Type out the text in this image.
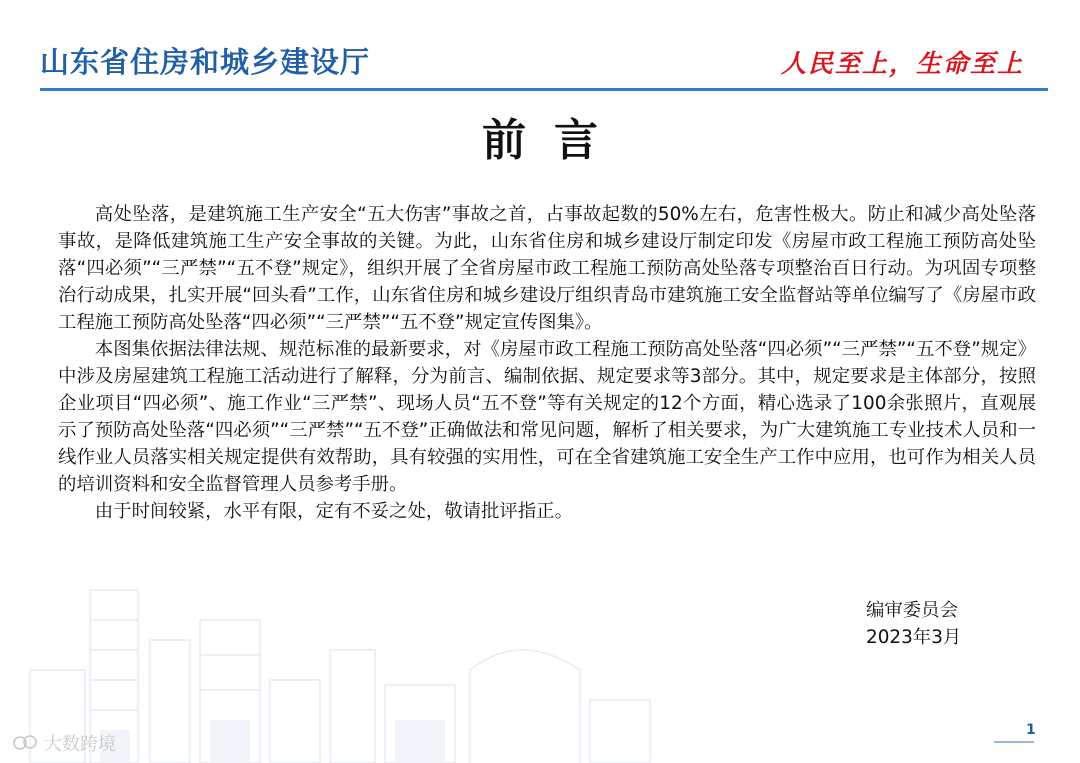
山东省住房和城乡建设厅	人民至上，生命至上
前言

高处坠落，是建筑施工生产安全“五大伤害”事故之首，占事故起数的50%左右，危害性极大。防止和减少高处坠落事故，是降低建筑施工生产安全事故的关键。为此，山东省住房和城乡建设厅制定印发《房屋市政工程施工预防高处坠落“四必须”“三严禁”“五不登”规定》，组织开展了全省房屋市政工程施工预防高处坠落专项整治百日行动。为巩固专项整治行动成果，扎实开展“回头看”工作，山东省住房和城乡建设厅组织青岛市建筑施工安全监督站等单位编写了《房屋市政工程施工预防高处坠落“四必须”“三严禁”“五不登”规定宣传图集》。

本图集依据法律法规、规范标准的最新要求，对《房屋市政工程施工预防高处坠落“四必须”“三严禁”“五不登”规定》中涉及房屋建筑工程施工活动进行了解释，分为前言、编制依据、规定要求等3部分。其中，规定要求是主体部分，按照企业项目“四必须”、施工作业“三严禁”、现场人员“五不登”等有关规定的12个方面，精心选录了100余张照片，直观展示了预防高处坠落“四必须”“三严禁”“五不登”正确做法和常见问题，解析了相关要求，为广大建筑施工专业技术人员和一线作业人员落实相关规定提供有效帮助，具有较强的实用性，可在全省建筑施工安全生产工作中应用，也可作为相关人员的培训资料和安全监督管理人员参考手册。

由于时间较紧，水平有限，定有不妥之处，敬请批评指正。

编审委员会
2023年3月
1
大数跨境
